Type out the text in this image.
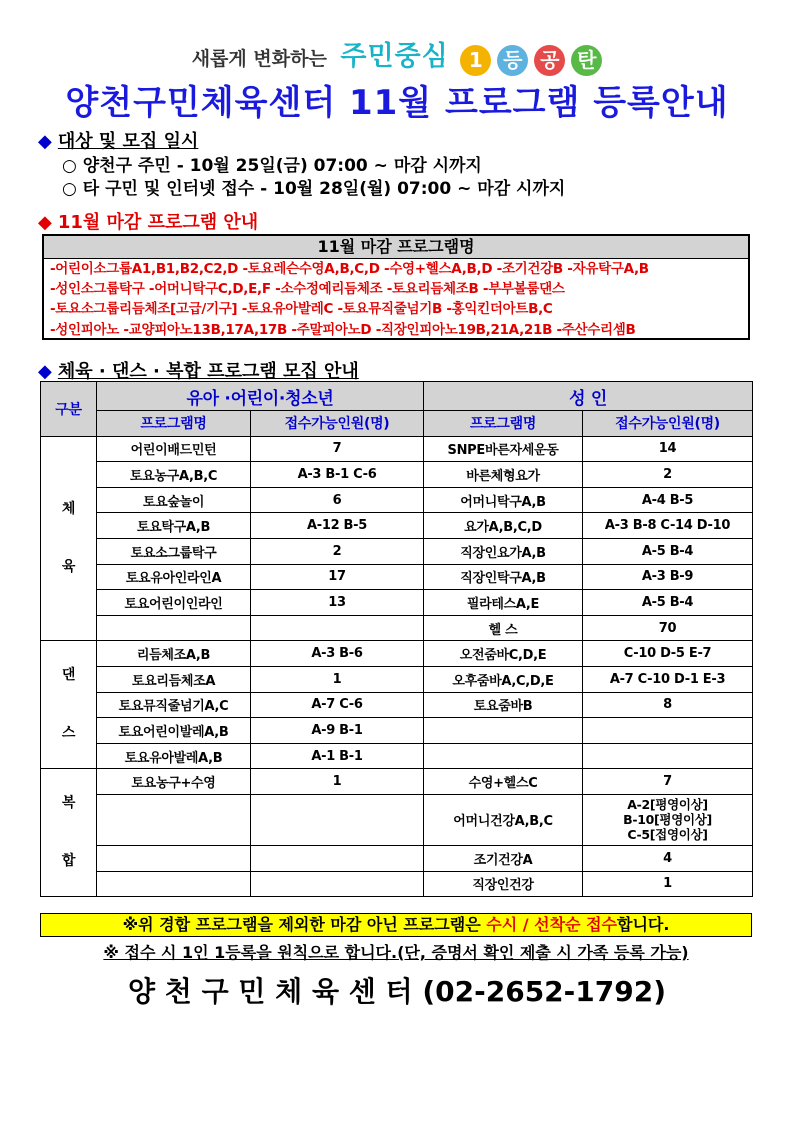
새롭게 변화하는 주민중심 1 등 공 탄
양천구민체육센터 11월 프로그램 등록안내
◆ 대상 및 모집 일시
○ 양천구 주민 - 10월 25일(금) 07:00 ~ 마감 시까지
○ 타 구민 및 인터넷 접수 - 10월 28일(월) 07:00 ~ 마감 시까지
◆ 11월 마감 프로그램 안내
11월 마감 프로그램명
-어린이소그룹A1,B1,B2,C2,D -토요레슨수영A,B,C,D -수영+헬스A,B,D -조기건강B -자유탁구A,B
-성인소그룹탁구 -어머니탁구C,D,E,F -소수정예리듬체조 -토요리듬체조B -부부볼룸댄스
-토요소그룹리듬체조[고급/기구] -토요유아발레C -토요뮤직줄넘기B -홍익킨더아트B,C
-성인피아노 -교양피아노13B,17A,17B -주말피아노D -직장인피아노19B,21A,21B -주산수리셈B
◆ 체육 · 댄스 · 복합 프로그램 모집 안내
구분	유아 ·어린이·청소년		성 인	
	프로그램명	접수가능인원(명)	프로그램명	접수가능인원(명)
체

육	어린이배드민턴	7	SNPE바른자세운동	14
	토요농구A,B,C	A-3 B-1 C-6	바른체형요가	2
	토요숲놀이	6	어머니탁구A,B	A-4 B-5
	토요탁구A,B	A-12 B-5	요가A,B,C,D	A-3 B-8 C-14 D-10
	토요소그룹탁구	2	직장인요가A,B	A-5 B-4
	토요유아인라인A	17	직장인탁구A,B	A-3 B-9
	토요어린이인라인	13	필라테스A,E	A-5 B-4
			헬 스	70
댄

스	리듬체조A,B	A-3 B-6	오전줌바C,D,E	C-10 D-5 E-7
	토요리듬체조A	1	오후줌바A,C,D,E	A-7 C-10 D-1 E-3
	토요뮤직줄넘기A,C	A-7 C-6	토요줌바B	8
	토요어린이발레A,B	A-9 B-1		
	토요유아발레A,B	A-1 B-1		
복

합	토요농구+수영	1	수영+헬스C	7
			어머니건강A,B,C	A-2[평영이상]
B-10[평영이상]
C-5[접영이상]
			조기건강A	4
			직장인건강	1
※위 경합 프로그램을 제외한 마감 아닌 프로그램은 수시 / 선착순 접수합니다.
※ 접수 시 1인 1등록을 원칙으로 합니다.(단, 증명서 확인 제출 시 가족 등록 가능)
양 천 구 민 체 육 센 터 (02-2652-1792)
